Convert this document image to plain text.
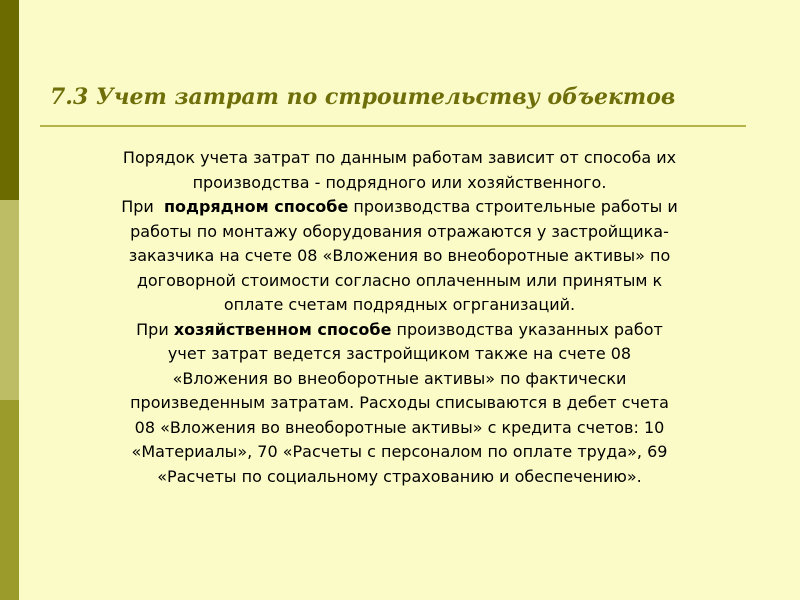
7.3 Учет затрат по строительству объектов

Порядок учета затрат по данным работам зависит от способа их
производства - подрядного или хозяйственного.

При  подрядном способе производства строительные работы и
работы по монтажу оборудования отражаются у застройщика-
заказчика на счете 08 «Вложения во внеоборотные активы» по
договорной стоимости согласно оплаченным или принятым к
оплате счетам подрядных огрганизаций.

При хозяйственном способе производства указанных работ
учет затрат ведется застройщиком также на счете 08
«Вложения во внеоборотные активы» по фактически
произведенным затратам. Расходы списываются в дебет счета
08 «Вложения во внеоборотные активы» с кредита счетов: 10
«Материалы», 70 «Расчеты с персоналом по оплате труда», 69
«Расчеты по социальному страхованию и обеспечению».
